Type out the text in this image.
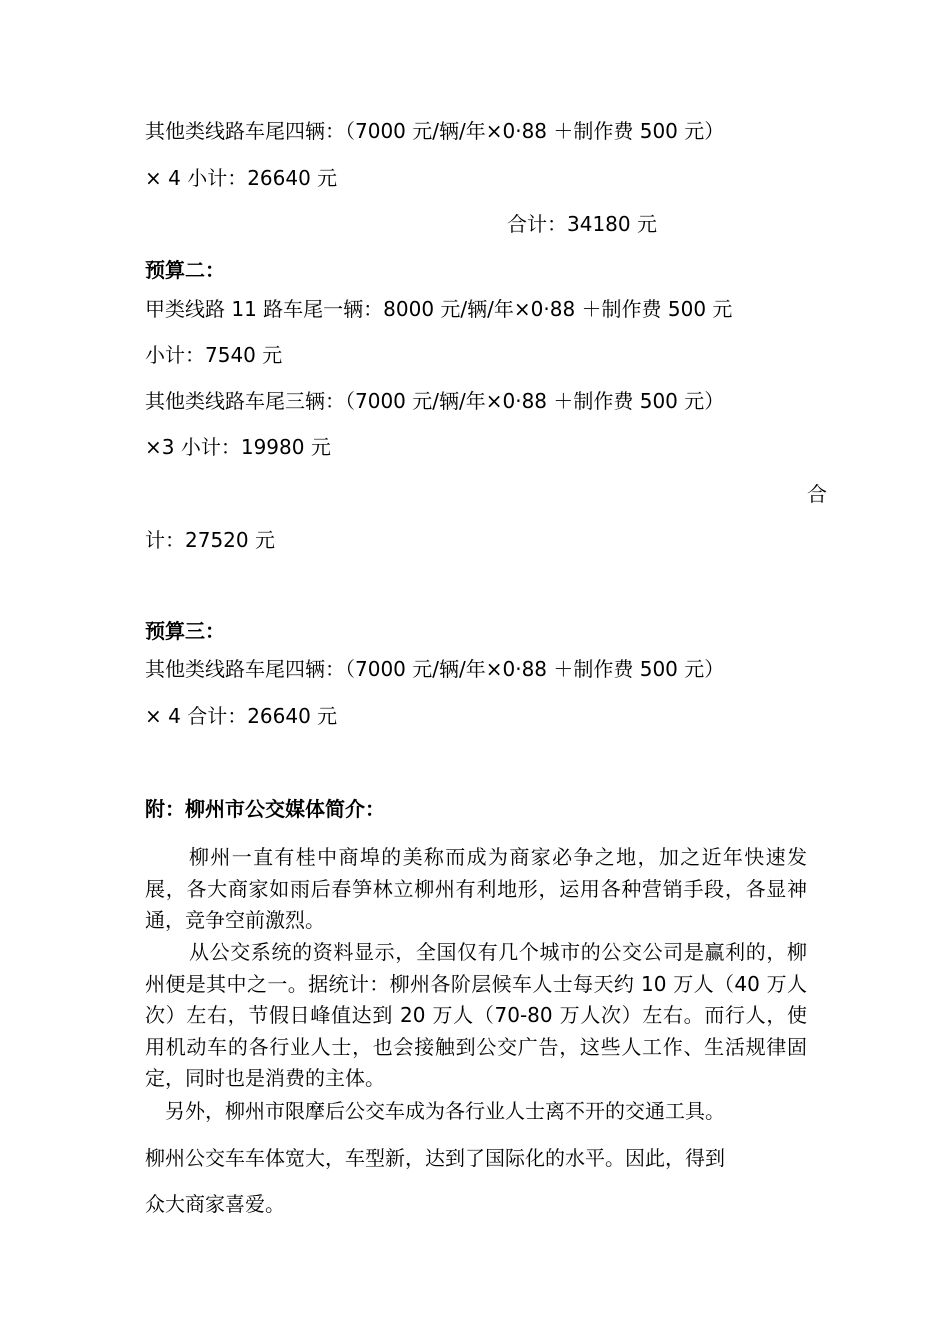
其他类线路车尾四辆：（7000 元/辆/年×0·88 ＋制作费 500 元）
× 4 小计：26640 元
合计：34180 元
预算二：
甲类线路 11 路车尾一辆：8000 元/辆/年×0·88 ＋制作费 500 元
小计：7540 元
其他类线路车尾三辆：（7000 元/辆/年×0·88 ＋制作费 500 元）
×3 小计：19980 元
合
计：27520 元
预算三：
其他类线路车尾四辆：（7000 元/辆/年×0·88 ＋制作费 500 元）
× 4 合计：26640 元
附：柳州市公交媒体简介：
柳州一直有桂中商埠的美称而成为商家必争之地，加之近年快速发展，各大商家如雨后春笋林立柳州有利地形，运用各种营销手段，各显神通，竞争空前激烈。
从公交系统的资料显示，全国仅有几个城市的公交公司是赢利的，柳州便是其中之一。据统计：柳州各阶层候车人士每天约 10 万人（40 万人次）左右，节假日峰值达到 20 万人（70-80 万人次）左右。而行人，使用机动车的各行业人士，也会接触到公交广告，这些人工作、生活规律固定，同时也是消费的主体。
另外，柳州市限摩后公交车成为各行业人士离不开的交通工具。
柳州公交车车体宽大，车型新，达到了国际化的水平。因此，得到
众大商家喜爱。
